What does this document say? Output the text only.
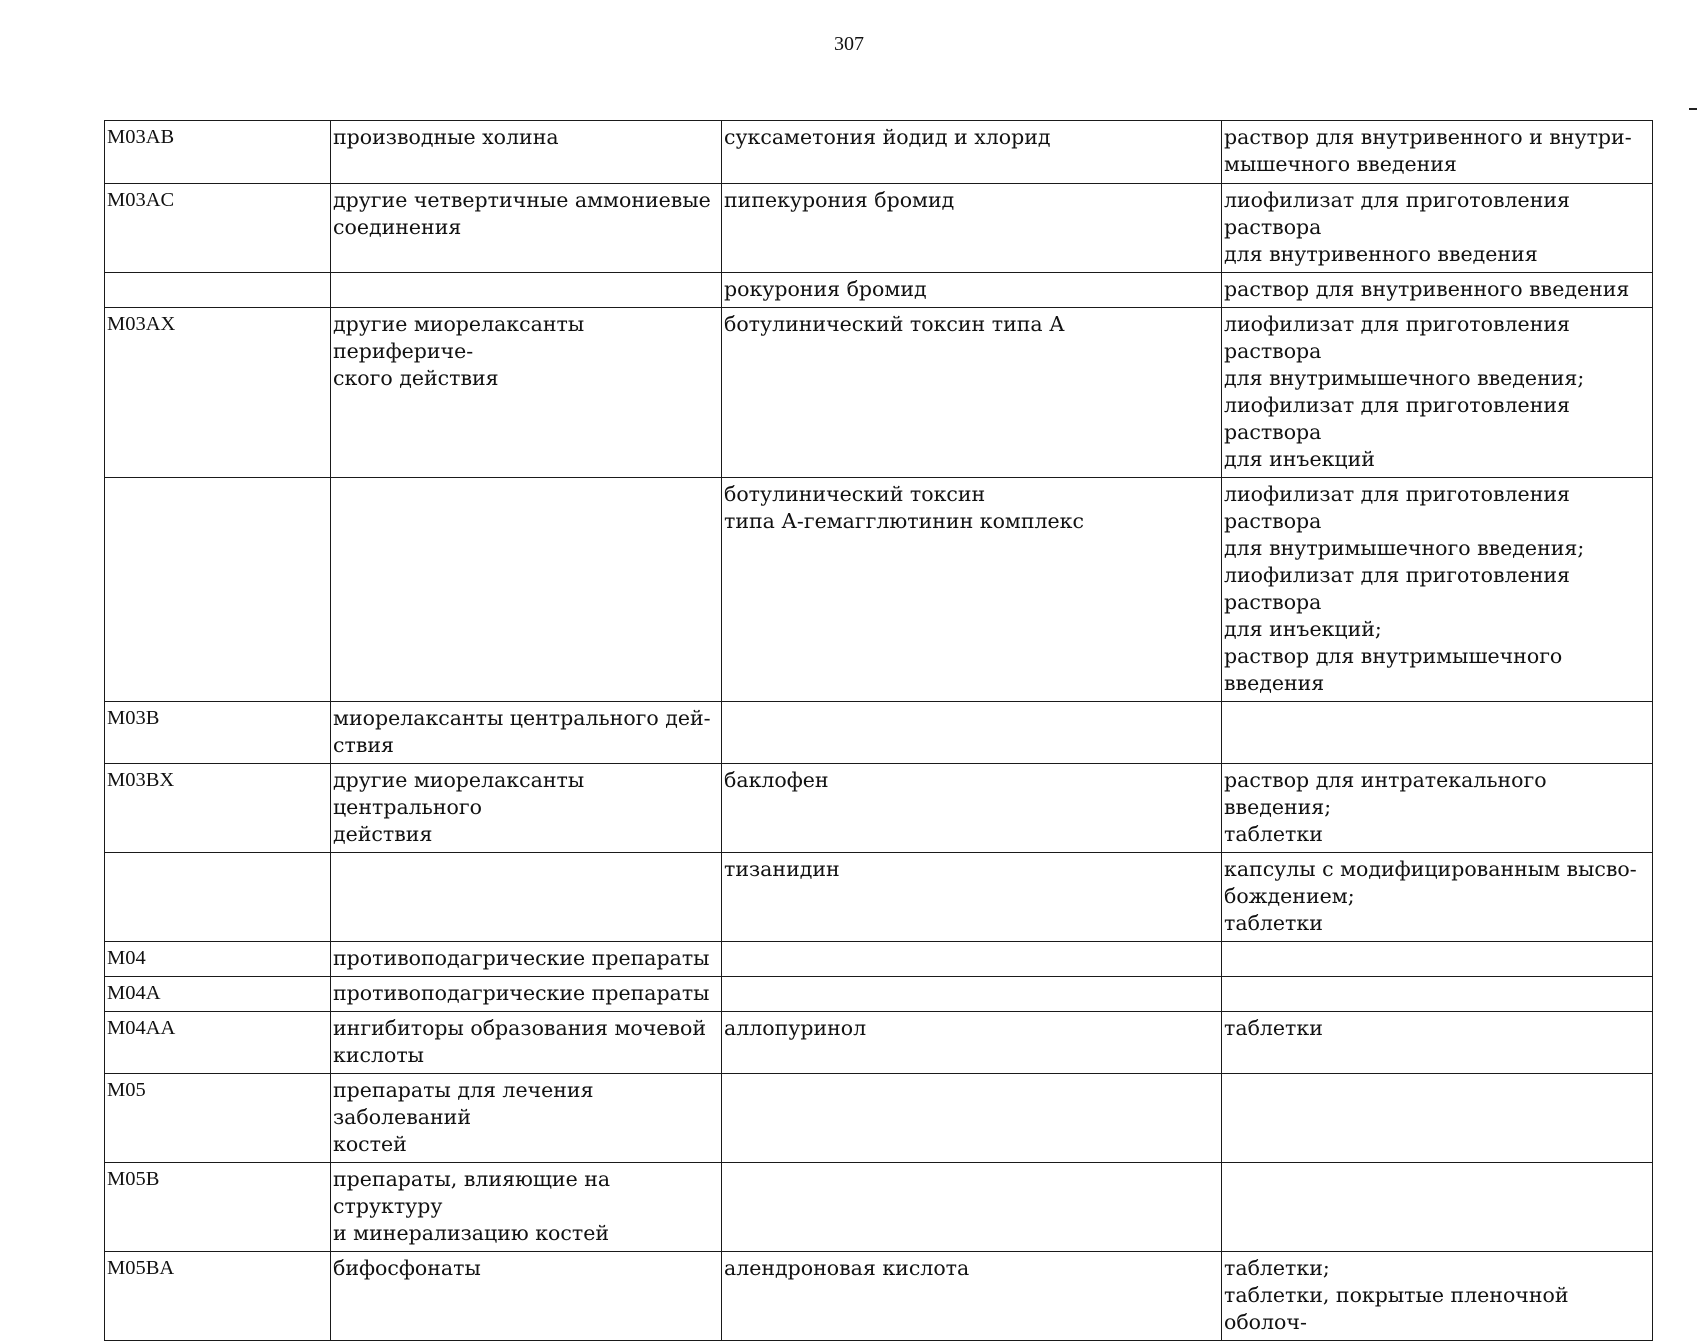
307
M03AB	производные холина	суксаметония йодид и хлорид	раствор для внутривенного и внутри-
мышечного введения
M03AC	другие четвертичные аммониевые
соединения	пипекурония бромид	лиофилизат для приготовления раствора
для внутривенного введения
		рокурония бромид	раствор для внутривенного введения
M03AX	другие миорелаксанты перифериче-
ского действия	ботулинический токсин типа А	лиофилизат для приготовления раствора
для внутримышечного введения;
лиофилизат для приготовления раствора
для инъекций
		ботулинический токсин
типа А-гемагглютинин комплекс	лиофилизат для приготовления раствора
для внутримышечного введения;
лиофилизат для приготовления раствора
для инъекций;
раствор для внутримышечного введения
M03B	миорелаксанты центрального дей-
ствия		
M03BX	другие миорелаксанты центрального
действия	баклофен	раствор для интратекального введения;
таблетки
		тизанидин	капсулы с модифицированным высво-
бождением;
таблетки
M04	противоподагрические препараты		
M04A	противоподагрические препараты		
M04AA	ингибиторы образования мочевой
кислоты	аллопуринол	таблетки
M05	препараты для лечения заболеваний
костей		
M05B	препараты, влияющие на структуру
и минерализацию костей		
M05BA	бифосфонаты	алендроновая кислота	таблетки;
таблетки, покрытые пленочной оболоч-
